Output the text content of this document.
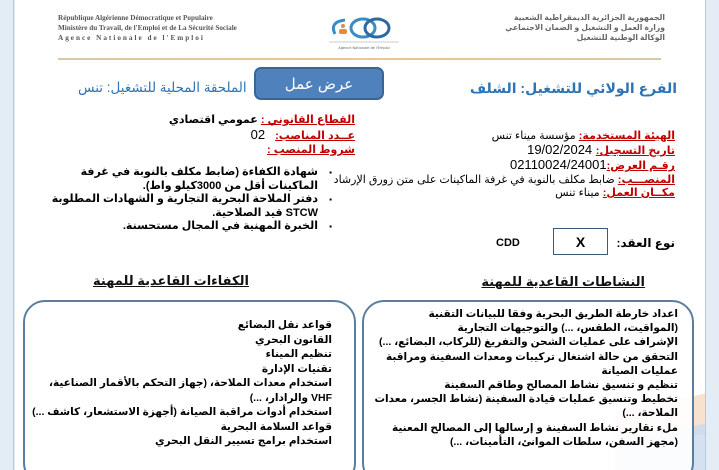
République Algérienne Démocratique et Populaire
Ministère du Travail, de l'Emploi et de La Sécurité Sociale
Agence Nationale de l'Emploi
Agence Nationale de l'Emploi
الجمهورية الجزائرية الديمقراطية الشعبية
وزارة العمل و التشغيل و الضمان الاجتماعي
الوكالة الوطنية للتشغيل
عرض عمل	الفرع الولائي للتشغيل: الشلف
الملحقة المحلية للتشغيل: تنس
الهيئة المستخدمة: مؤسسة ميناء تنس
تاريخ التسجيل: 19/02/2024
رقـم العرض:02110024/24001
المنصـــب: ضابط مكلف بالنوبة في غرفة الماكينات على متن زورق الإرشاد
مكــان العمل: ميناء تنس
القطاع القانوني : عمومي اقتصادي
عــدد المناصب:02
شروط المنصب :
▪ شهادة الكفاءة (ضابط مكلف بالنوبة في غرفة الماكينات أقل من 3000كيلو واط).
▪ دفتر الملاحة البحرية التجارية و الشهادات المطلوبة STCW قيد الصلاحية.
▪ الخبرة المهنية في المجال مستحسنة.
نوع العقد:
X
CDD
الكفاءات القاعدية للمهنة	النشاطات القاعدية للمهنة
قواعد نقل البضائع
القانون البحري
تنظيم الميناء
تقنيات الإدارة
استخدام معدات الملاحة، (جهاز التحكم بالأقمار الصناعية، VHF والرادار، ...)
استخدام أدوات مراقبة الصيانة (أجهزة الاستشعار، كاشف ...)
قواعد السلامة البحرية
استخدام برامج تسيير النقل البحري
اعداد خارطة الطريق البحرية وفقا للبيانات التقنية (المواقيت، الطقس، ...) والتوجيهات التجارية
الإشراف على عمليات الشحن والتفريغ (للركاب، البضائع، ...)
التحقق من حالة اشتغال تركيبات ومعدات السفينة ومراقبة عمليات الصيانة
تنظيم و تنسيق نشاط المصالح وطاقم السفينة
تخطيط وتنسيق عمليات قيادة السفينة (نشاط الجسر، معدات الملاحة، ...)
ملء تقارير نشاط السفينة و إرسالها إلى المصالح المعنية (مجهز السفن، سلطات الموانئ، التأمينات، ...)
